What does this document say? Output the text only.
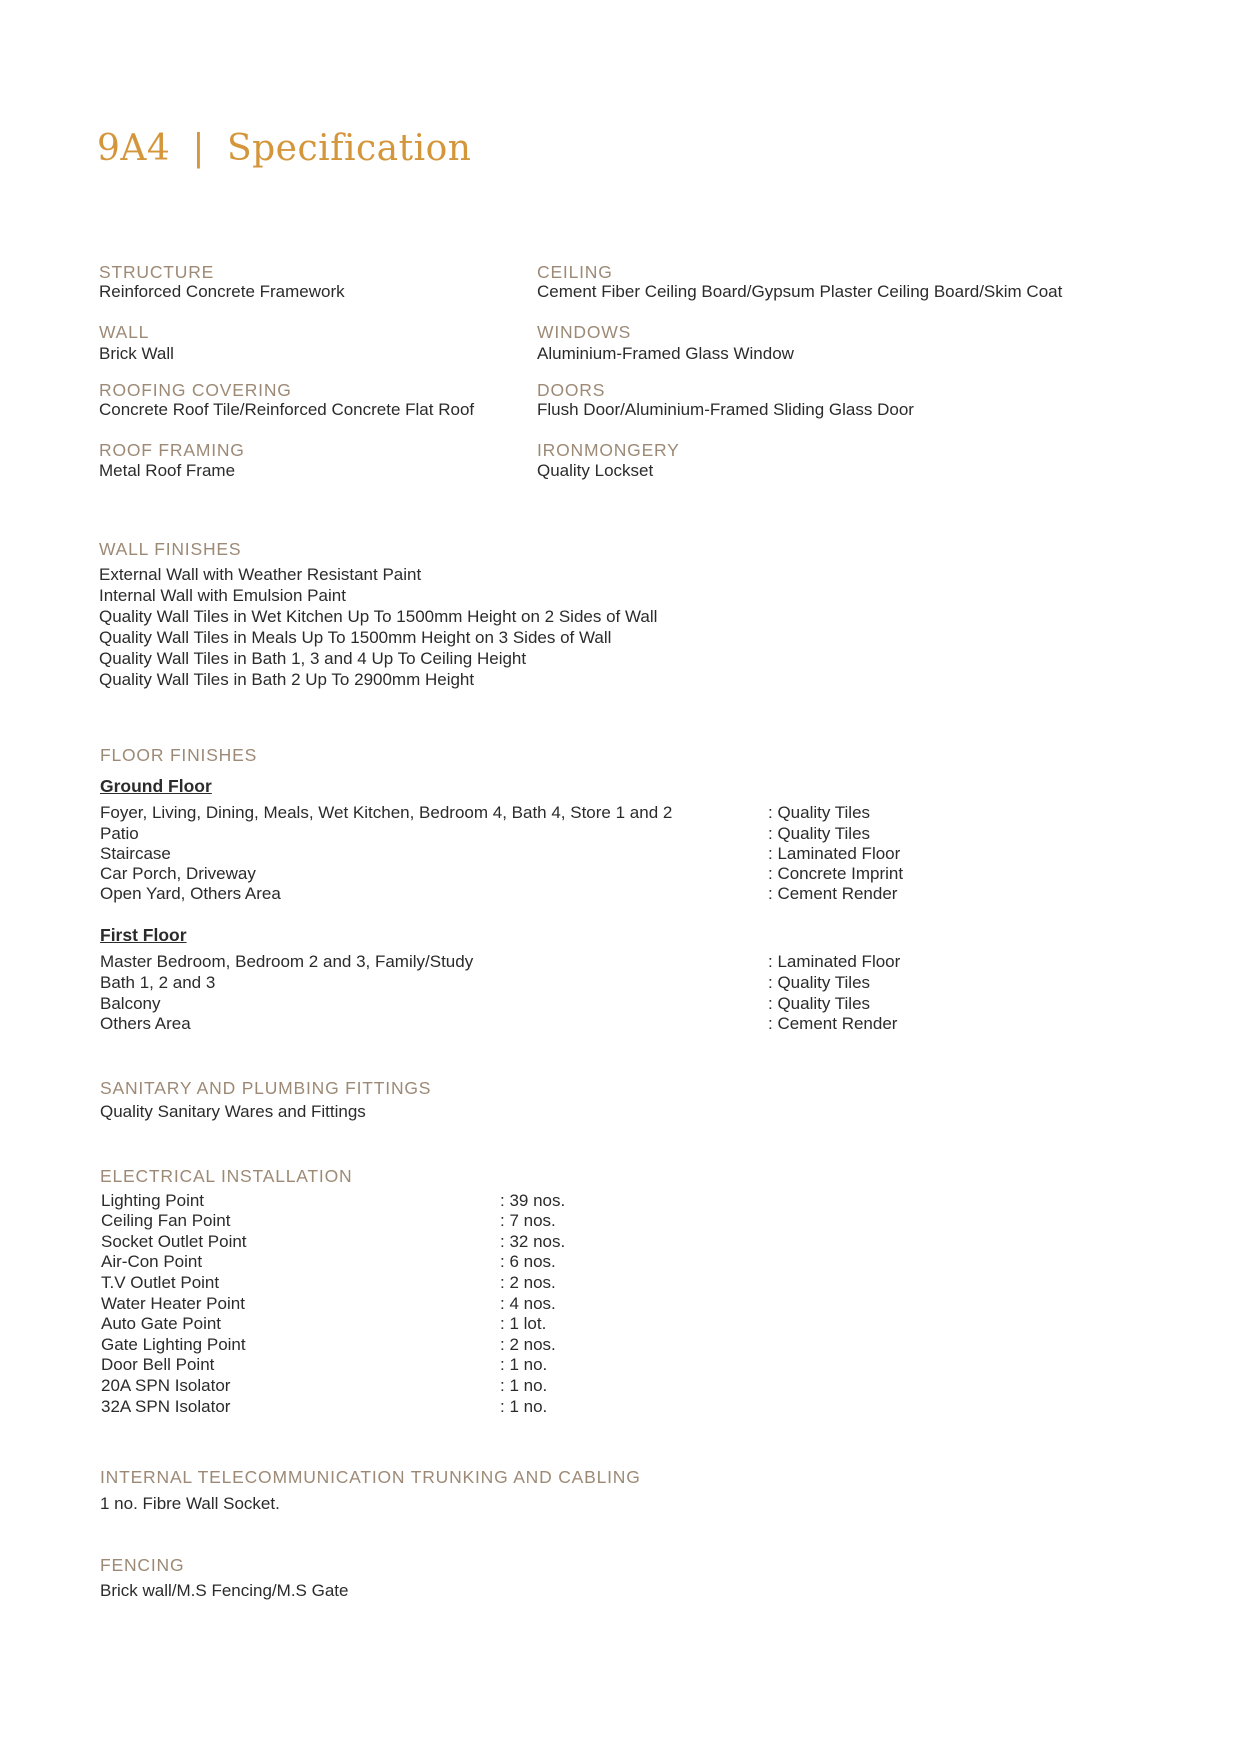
9A4 | Specification
STRUCTURE
Reinforced Concrete Framework
WALL
Brick Wall
ROOFING COVERING
Concrete Roof Tile/Reinforced Concrete Flat Roof
ROOF FRAMING
Metal Roof Frame
CEILING
Cement Fiber Ceiling Board/Gypsum Plaster Ceiling Board/Skim Coat
WINDOWS
Aluminium-Framed Glass Window
DOORS
Flush Door/Aluminium-Framed Sliding Glass Door
IRONMONGERY
Quality Lockset
WALL FINISHES
External Wall with Weather Resistant Paint
Internal Wall with Emulsion Paint
Quality Wall Tiles in Wet Kitchen Up To 1500mm Height on 2 Sides of Wall
Quality Wall Tiles in Meals Up To 1500mm Height on 3 Sides of Wall
Quality Wall Tiles in Bath 1, 3 and 4 Up To Ceiling Height
Quality Wall Tiles in Bath 2 Up To 2900mm Height
FLOOR FINISHES
Ground Floor
Foyer, Living, Dining, Meals, Wet Kitchen, Bedroom 4, Bath 4, Store 1 and 2	: Quality Tiles
Patio	: Quality Tiles
Staircase	: Laminated Floor
Car Porch, Driveway	: Concrete Imprint
Open Yard, Others Area	: Cement Render
First Floor
Master Bedroom, Bedroom 2 and 3, Family/Study	: Laminated Floor
Bath 1, 2 and 3	: Quality Tiles
Balcony	: Quality Tiles
Others Area	: Cement Render
SANITARY AND PLUMBING FITTINGS
Quality Sanitary Wares and Fittings
ELECTRICAL INSTALLATION
Lighting Point	: 39 nos.
Ceiling Fan Point	: 7 nos.
Socket Outlet Point	: 32 nos.
Air-Con Point	: 6 nos.
T.V Outlet Point	: 2 nos.
Water Heater Point	: 4 nos.
Auto Gate Point	: 1 lot.
Gate Lighting Point	: 2 nos.
Door Bell Point	: 1 no.
20A SPN Isolator	: 1 no.
32A SPN Isolator	: 1 no.
INTERNAL TELECOMMUNICATION TRUNKING AND CABLING
1 no. Fibre Wall Socket.
FENCING
Brick wall/M.S Fencing/M.S Gate
